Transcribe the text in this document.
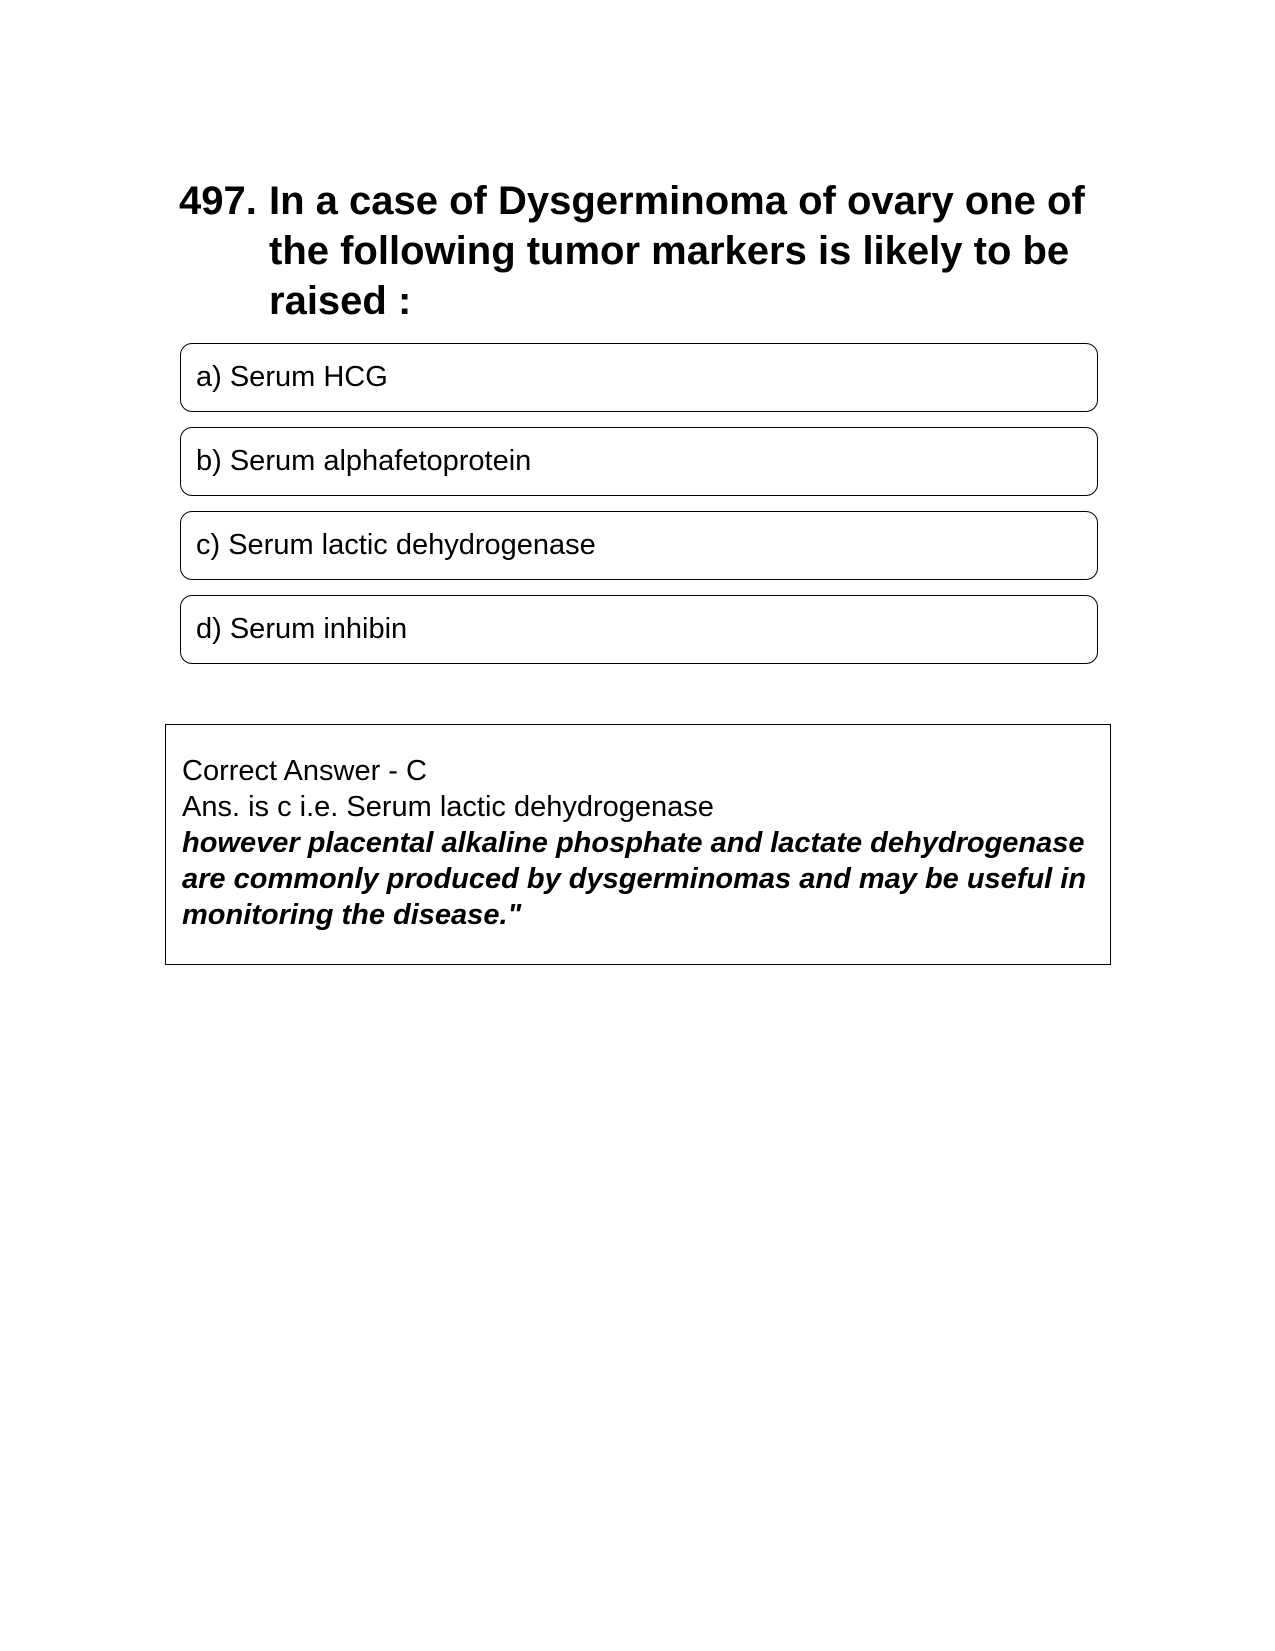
497. In a case of Dysgerminoma of ovary one of the following tumor markers is likely to be raised :
a) Serum HCG
b) Serum alphafetoprotein
c) Serum lactic dehydrogenase
d) Serum inhibin
Correct Answer - C
Ans. is c i.e. Serum lactic dehydrogenase
however placental alkaline phosphate and lactate dehydrogenase are commonly produced by dysgerminomas and may be useful in monitoring the disease."
